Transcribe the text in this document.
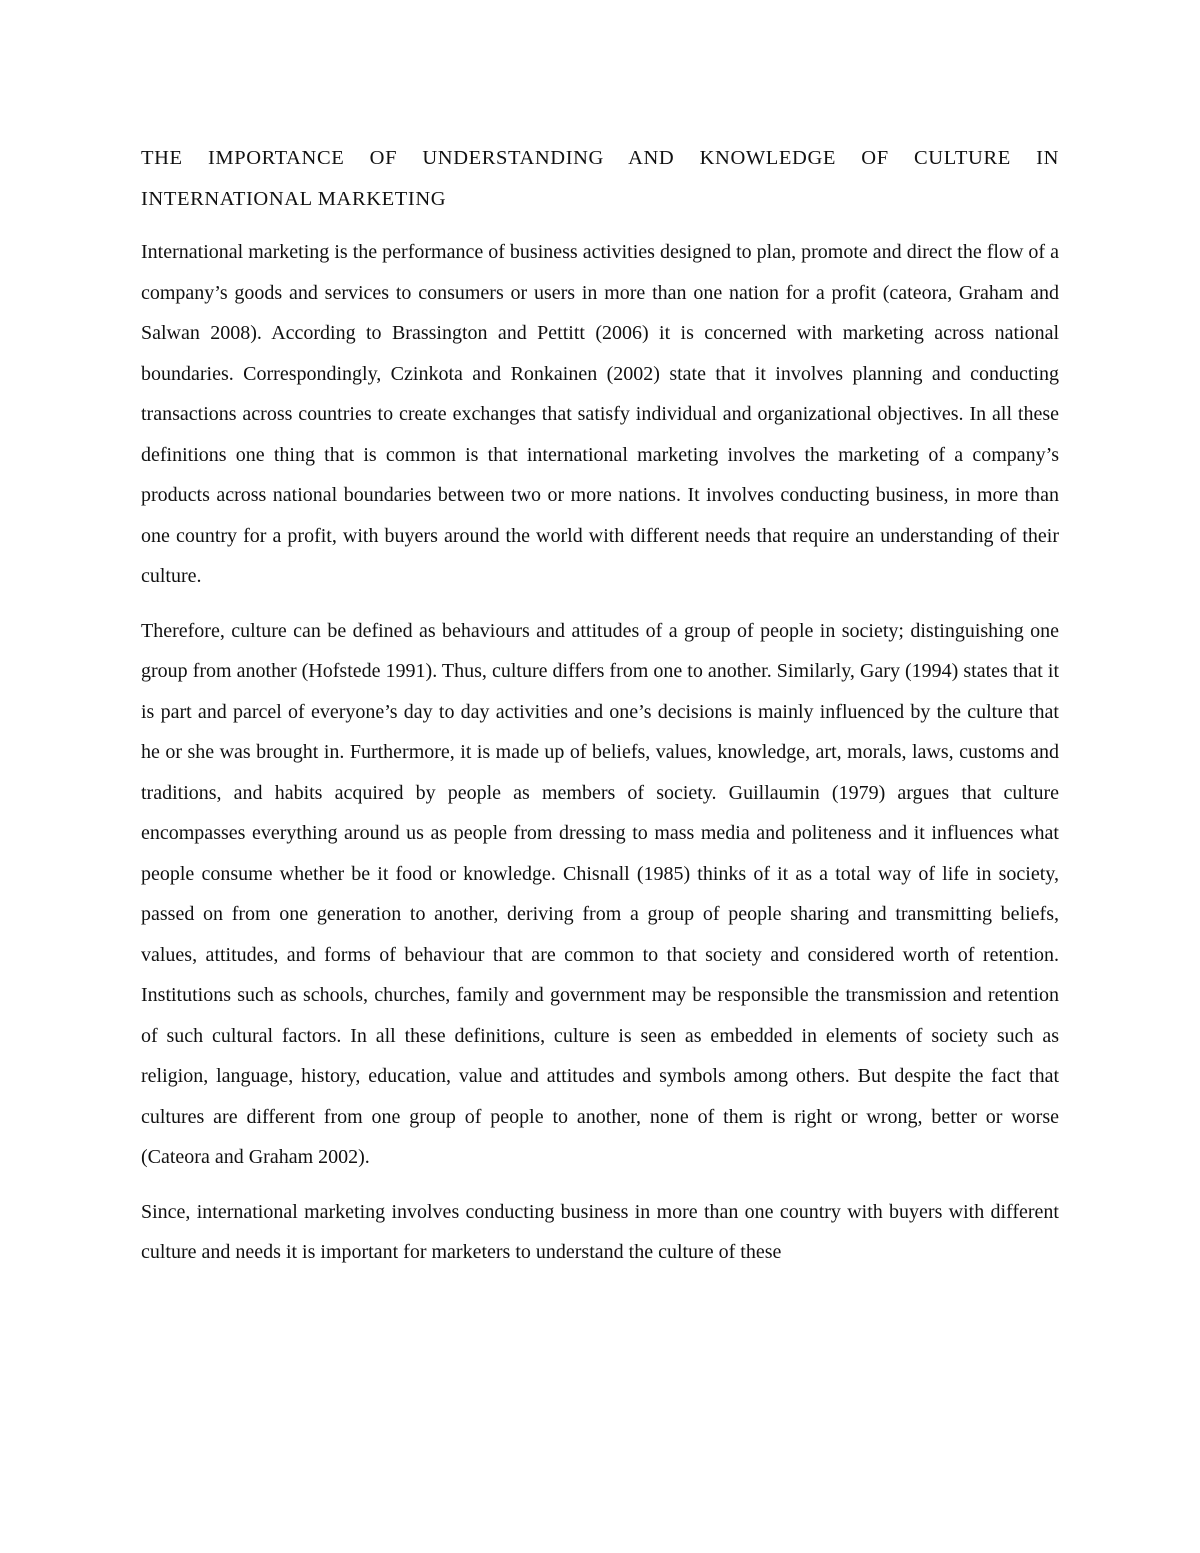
THE IMPORTANCE OF UNDERSTANDING AND KNOWLEDGE OF CULTURE IN INTERNATIONAL MARKETING

International marketing is the performance of business activities designed to plan, promote and direct the flow of a company’s goods and services to consumers or users in more than one nation for a profit (cateora, Graham and Salwan 2008). According to Brassington and Pettitt (2006) it is concerned with marketing across national boundaries. Correspondingly, Czinkota and Ronkainen (2002) state that it involves planning and conducting transactions across countries to create exchanges that satisfy individual and organizational objectives. In all these definitions one thing that is common is that international marketing involves the marketing of a company’s products across national boundaries between two or more nations. It involves conducting business, in more than one country for a profit, with buyers around the world with different needs that require an understanding of their culture.

Therefore, culture can be defined as behaviours and attitudes of a group of people in society; distinguishing one group from another (Hofstede 1991). Thus, culture differs from one to another. Similarly, Gary (1994) states that it is part and parcel of everyone’s day to day activities and one’s decisions is mainly influenced by the culture that he or she was brought in. Furthermore, it is made up of beliefs, values, knowledge, art, morals, laws, customs and traditions, and habits acquired by people as members of society. Guillaumin (1979) argues that culture encompasses everything around us as people from dressing to mass media and politeness and it influences what people consume whether be it food or knowledge. Chisnall (1985) thinks of it as a total way of life in society, passed on from one generation to another, deriving from a group of people sharing and transmitting beliefs, values, attitudes, and forms of behaviour that are common to that society and considered worth of retention. Institutions such as schools, churches, family and government may be responsible the transmission and retention of such cultural factors. In all these definitions, culture is seen as embedded in elements of society such as religion, language, history, education, value and attitudes and symbols among others. But despite the fact that cultures are different from one group of people to another, none of them is right or wrong, better or worse (Cateora and Graham 2002).

Since, international marketing involves conducting business in more than one country with buyers with different culture and needs it is important for marketers to understand the culture of these
